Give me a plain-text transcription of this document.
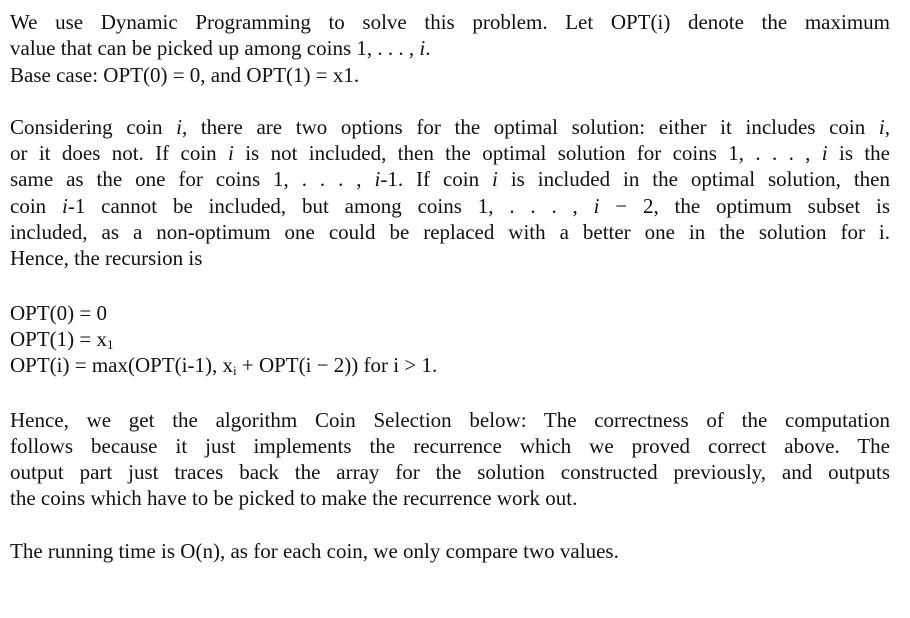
We use Dynamic Programming to solve this problem. Let OPT(i) denote the maximum
value that can be picked up among coins 1, . . . , i.
Base case: OPT(0) = 0, and OPT(1) = x1.
Considering coin i, there are two options for the optimal solution: either it includes coin i,
or it does not. If coin i is not included, then the optimal solution for coins 1, . . . , i is the
same as the one for coins 1, . . . , i-1. If coin i is included in the optimal solution, then
coin i-1 cannot be included, but among coins 1, . . . , i − 2, the optimum subset is
included, as a non-optimum one could be replaced with a better one in the solution for i.
Hence, the recursion is
OPT(0) = 0
$OPT(1) = x_1$
OPT(i) = max(OPT(i-1), $x_i + OPT(i - 2)$) for i > 1.
Hence, we get the algorithm Coin Selection below: The correctness of the computation
follows because it just implements the recurrence which we proved correct above. The
output part just traces back the array for the solution constructed previously, and outputs
the coins which have to be picked to make the recurrence work out.
The running time is O(n), as for each coin, we only compare two values.
